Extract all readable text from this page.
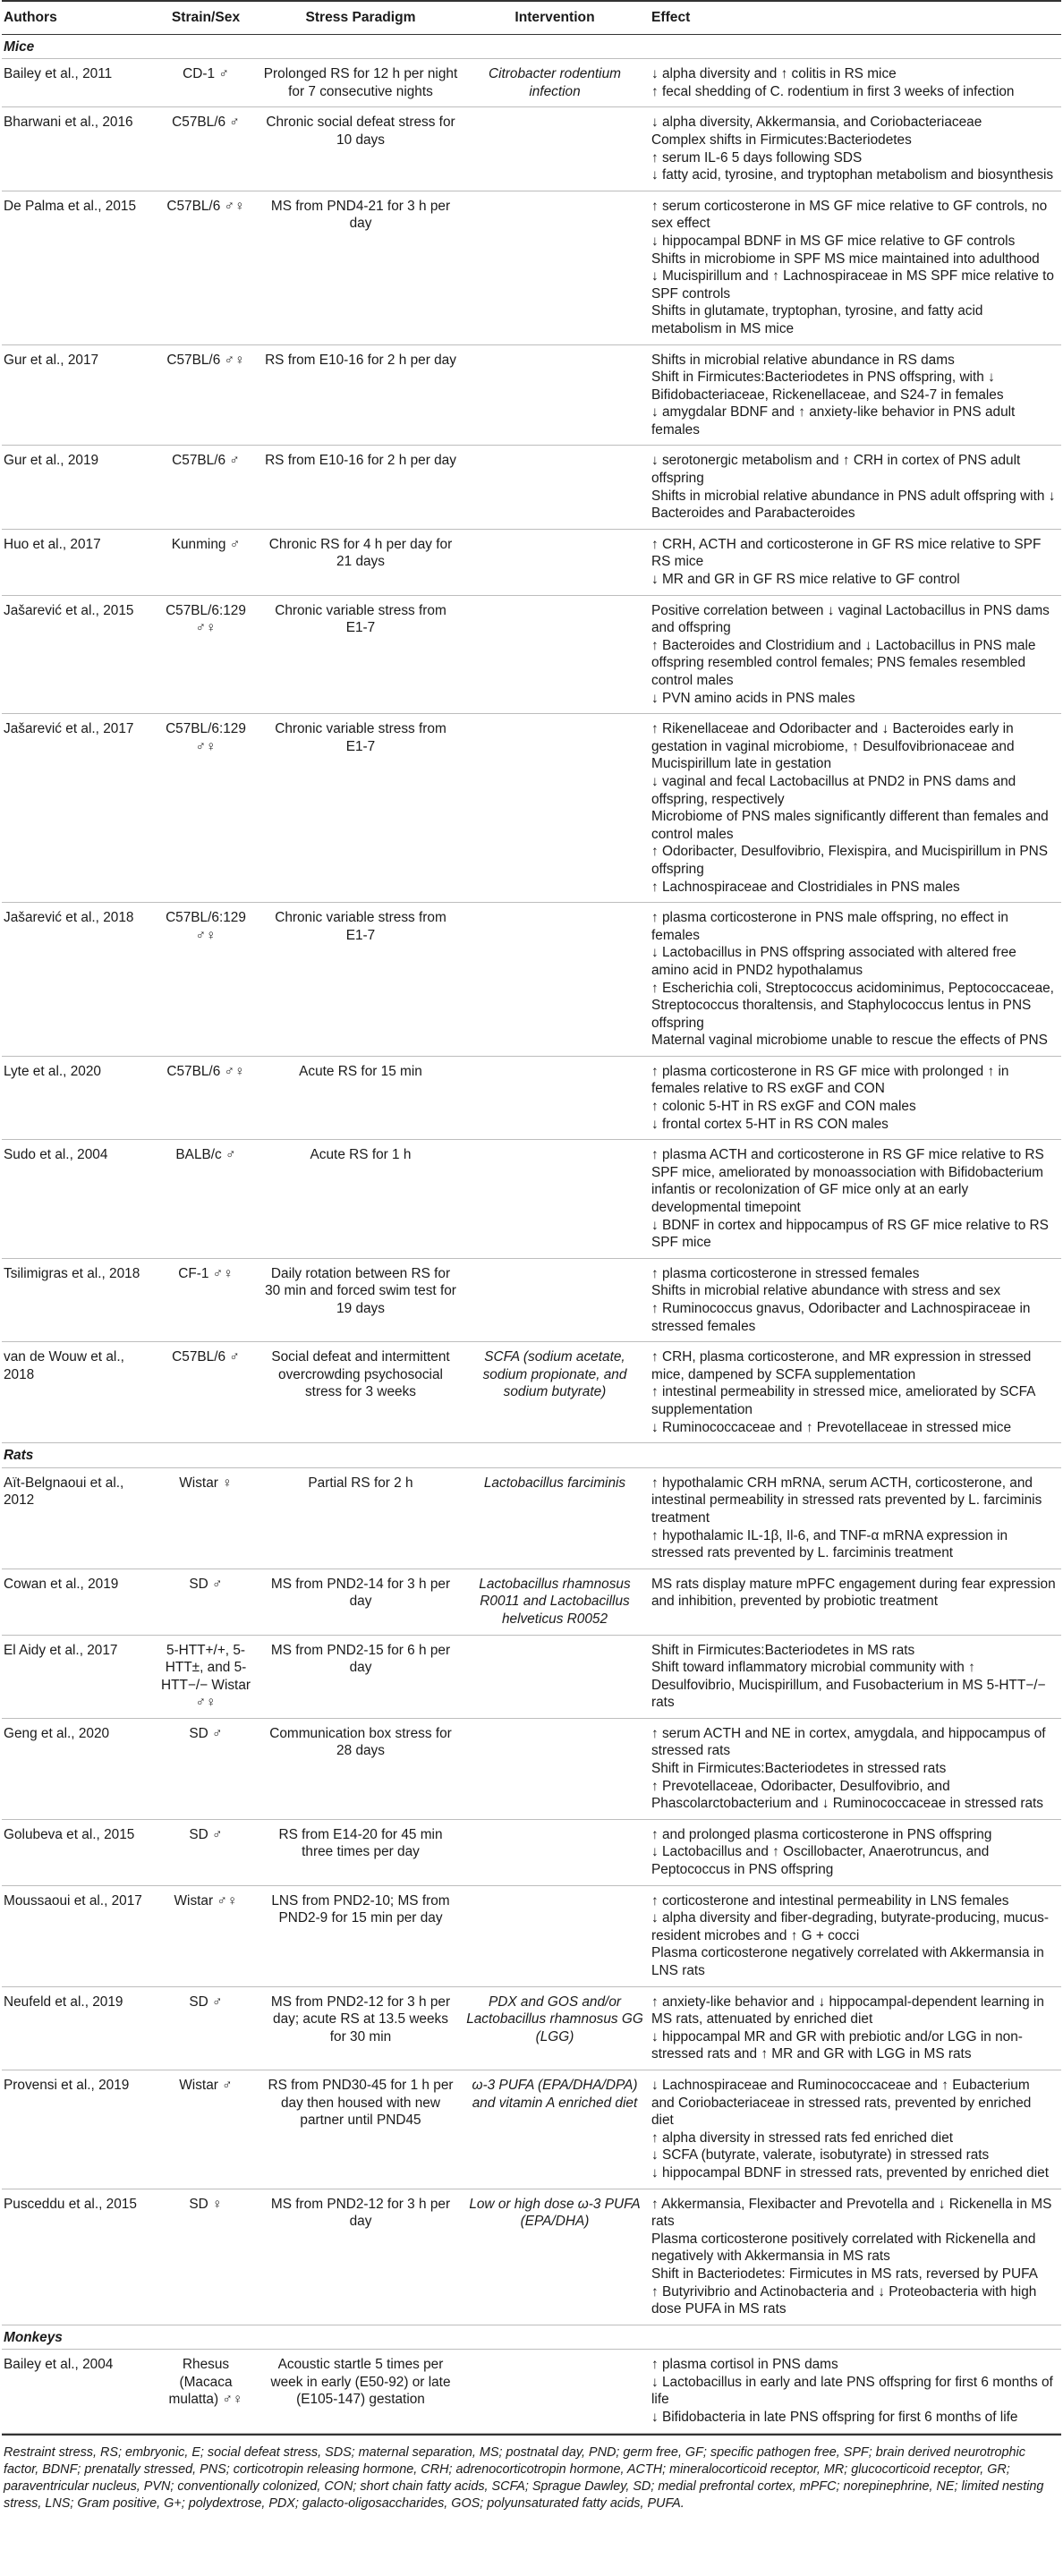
Authors	Strain/Sex	Stress Paradigm	Intervention	Effect
Mice				
Bailey et al., 2011	CD-1 ♂	Prolonged RS for 12 h per night for 7 consecutive nights	Citrobacter rodentium infection	↓ alpha diversity and ↑ colitis in RS mice
↑ fecal shedding of C. rodentium in first 3 weeks of infection

Bharwani et al., 2016	C57BL/6 ♂	Chronic social defeat stress for 10 days		↓ alpha diversity, Akkermansia, and Coriobacteriaceae
Complex shifts in Firmicutes:Bacteriodetes
↑ serum IL-6 5 days following SDS
↓ fatty acid, tyrosine, and tryptophan metabolism and biosynthesis

De Palma et al., 2015	C57BL/6 ♂♀	MS from PND4-21 for 3 h per day		↑ serum corticosterone in MS GF mice relative to GF controls, no sex effect
↓ hippocampal BDNF in MS GF mice relative to GF controls
Shifts in microbiome in SPF MS mice maintained into adulthood
↓ Mucispirillum and ↑ Lachnospiraceae in MS SPF mice relative to SPF controls
Shifts in glutamate, tryptophan, tyrosine, and fatty acid metabolism in MS mice

Gur et al., 2017	C57BL/6 ♂♀	RS from E10-16 for 2 h per day		Shifts in microbial relative abundance in RS dams
Shift in Firmicutes:Bacteriodetes in PNS offspring, with ↓ Bifidobacteriaceae, Rickenellaceae, and S24-7 in females
↓ amygdalar BDNF and ↑ anxiety-like behavior in PNS adult females

Gur et al., 2019	C57BL/6 ♂	RS from E10-16 for 2 h per day		↓ serotonergic metabolism and ↑ CRH in cortex of PNS adult offspring
Shifts in microbial relative abundance in PNS adult offspring with ↓ Bacteroides and Parabacteroides

Huo et al., 2017	Kunming ♂	Chronic RS for 4 h per day for 21 days		↑ CRH, ACTH and corticosterone in GF RS mice relative to SPF RS mice
↓ MR and GR in GF RS mice relative to GF control

Jašarević et al., 2015	C57BL/6:129 ♂♀	Chronic variable stress from E1-7		Positive correlation between ↓ vaginal Lactobacillus in PNS dams and offspring
↑ Bacteroides and Clostridium and ↓ Lactobacillus in PNS male offspring resembled control females; PNS females resembled control males
↓ PVN amino acids in PNS males

Jašarević et al., 2017	C57BL/6:129 ♂♀	Chronic variable stress from E1-7		↑ Rikenellaceae and Odoribacter and ↓ Bacteroides early in gestation in vaginal microbiome, ↑ Desulfovibrionaceae and Mucispirillum late in gestation
↓ vaginal and fecal Lactobacillus at PND2 in PNS dams and offspring, respectively
Microbiome of PNS males significantly different than females and control males
↑ Odoribacter, Desulfovibrio, Flexispira, and Mucispirillum in PNS offspring
↑ Lachnospiraceae and Clostridiales in PNS males

Jašarević et al., 2018	C57BL/6:129 ♂♀	Chronic variable stress from E1-7		↑ plasma corticosterone in PNS male offspring, no effect in females
↓ Lactobacillus in PNS offspring associated with altered free amino acid in PND2 hypothalamus
↑ Escherichia coli, Streptococcus acidominimus, Peptococcaceae, Streptococcus thoraltensis, and Staphylococcus lentus in PNS offspring
Maternal vaginal microbiome unable to rescue the effects of PNS

Lyte et al., 2020	C57BL/6 ♂♀	Acute RS for 15 min		↑ plasma corticosterone in RS GF mice with prolonged ↑ in females relative to RS exGF and CON
↑ colonic 5-HT in RS exGF and CON males
↓ frontal cortex 5-HT in RS CON males

Sudo et al., 2004	BALB/c ♂	Acute RS for 1 h		↑ plasma ACTH and corticosterone in RS GF mice relative to RS SPF mice, ameliorated by monoassociation with Bifidobacterium infantis or recolonization of GF mice only at an early developmental timepoint
↓ BDNF in cortex and hippocampus of RS GF mice relative to RS SPF mice

Tsilimigras et al., 2018	CF-1 ♂♀	Daily rotation between RS for 30 min and forced swim test for 19 days		↑ plasma corticosterone in stressed females
Shifts in microbial relative abundance with stress and sex
↑ Ruminococcus gnavus, Odoribacter and Lachnospiraceae in stressed females

van de Wouw et al., 2018	C57BL/6 ♂	Social defeat and intermittent overcrowding psychosocial stress for 3 weeks	SCFA (sodium acetate, sodium propionate, and sodium butyrate)	↑ CRH, plasma corticosterone, and MR expression in stressed mice, dampened by SCFA supplementation
↑ intestinal permeability in stressed mice, ameliorated by SCFA supplementation
↓ Ruminococcaceae and ↑ Prevotellaceae in stressed mice

Rats				
Aït-Belgnaoui et al., 2012	Wistar ♀	Partial RS for 2 h	Lactobacillus farciminis	↑ hypothalamic CRH mRNA, serum ACTH, corticosterone, and intestinal permeability in stressed rats prevented by L. farciminis treatment
↑ hypothalamic IL-1β, Il-6, and TNF-α mRNA expression in stressed rats prevented by L. farciminis treatment

Cowan et al., 2019	SD ♂	MS from PND2-14 for 3 h per day	Lactobacillus rhamnosus R0011 and Lactobacillus helveticus R0052	MS rats display mature mPFC engagement during fear expression and inhibition, prevented by probiotic treatment

El Aidy et al., 2017	5-HTT+/+, 5-HTT±, and 5-HTT−/− Wistar ♂♀	MS from PND2-15 for 6 h per day		Shift in Firmicutes:Bacteriodetes in MS rats
Shift toward inflammatory microbial community with ↑ Desulfovibrio, Mucispirillum, and Fusobacterium in MS 5-HTT−/− rats

Geng et al., 2020	SD ♂	Communication box stress for 28 days		↑ serum ACTH and NE in cortex, amygdala, and hippocampus of stressed rats
Shift in Firmicutes:Bacteriodetes in stressed rats
↑ Prevotellaceae, Odoribacter, Desulfovibrio, and Phascolarctobacterium and ↓ Ruminococcaceae in stressed rats

Golubeva et al., 2015	SD ♂	RS from E14-20 for 45 min three times per day		↑ and prolonged plasma corticosterone in PNS offspring
↓ Lactobacillus and ↑ Oscillobacter, Anaerotruncus, and Peptococcus in PNS offspring

Moussaoui et al., 2017	Wistar ♂♀	LNS from PND2-10; MS from PND2-9 for 15 min per day		↑ corticosterone and intestinal permeability in LNS females
↓ alpha diversity and fiber-degrading, butyrate-producing, mucus-resident microbes and ↑ G + cocci
Plasma corticosterone negatively correlated with Akkermansia in LNS rats

Neufeld et al., 2019	SD ♂	MS from PND2-12 for 3 h per day; acute RS at 13.5 weeks for 30 min	PDX and GOS and/or Lactobacillus rhamnosus GG (LGG)	↑ anxiety-like behavior and ↓ hippocampal-dependent learning in MS rats, attenuated by enriched diet
↓ hippocampal MR and GR with prebiotic and/or LGG in non-stressed rats and ↑ MR and GR with LGG in MS rats

Provensi et al., 2019	Wistar ♂	RS from PND30-45 for 1 h per day then housed with new partner until PND45	ω-3 PUFA (EPA/DHA/DPA) and vitamin A enriched diet	↓ Lachnospiraceae and Ruminococcaceae and ↑ Eubacterium and Coriobacteriaceae in stressed rats, prevented by enriched diet
↑ alpha diversity in stressed rats fed enriched diet
↓ SCFA (butyrate, valerate, isobutyrate) in stressed rats
↓ hippocampal BDNF in stressed rats, prevented by enriched diet

Pusceddu et al., 2015	SD ♀	MS from PND2-12 for 3 h per day	Low or high dose ω-3 PUFA (EPA/DHA)	↑ Akkermansia, Flexibacter and Prevotella and ↓ Rickenella in MS rats
Plasma corticosterone positively correlated with Rickenella and negatively with Akkermansia in MS rats
Shift in Bacteriodetes: Firmicutes in MS rats, reversed by PUFA
↑ Butyrivibrio and Actinobacteria and ↓ Proteobacteria with high dose PUFA in MS rats

Monkeys				
Bailey et al., 2004	Rhesus (Macaca mulatta) ♂♀	Acoustic startle 5 times per week in early (E50-92) or late (E105-147) gestation		↑ plasma cortisol in PNS dams
↓ Lactobacillus in early and late PNS offspring for first 6 months of life
↓ Bifidobacteria in late PNS offspring for first 6 months of life
Restraint stress, RS; embryonic, E; social defeat stress, SDS; maternal separation, MS; postnatal day, PND; germ free, GF; specific pathogen free, SPF; brain derived neurotrophic factor, BDNF; prenatally stressed, PNS; corticotropin releasing hormone, CRH; adrenocorticotropin hormone, ACTH; mineralocorticoid receptor, MR; glucocorticoid receptor, GR; paraventricular nucleus, PVN; conventionally colonized, CON; short chain fatty acids, SCFA; Sprague Dawley, SD; medial prefrontal cortex, mPFC; norepinephrine, NE; limited nesting stress, LNS; Gram positive, G+; polydextrose, PDX; galacto-oligosaccharides, GOS; polyunsaturated fatty acids, PUFA.
